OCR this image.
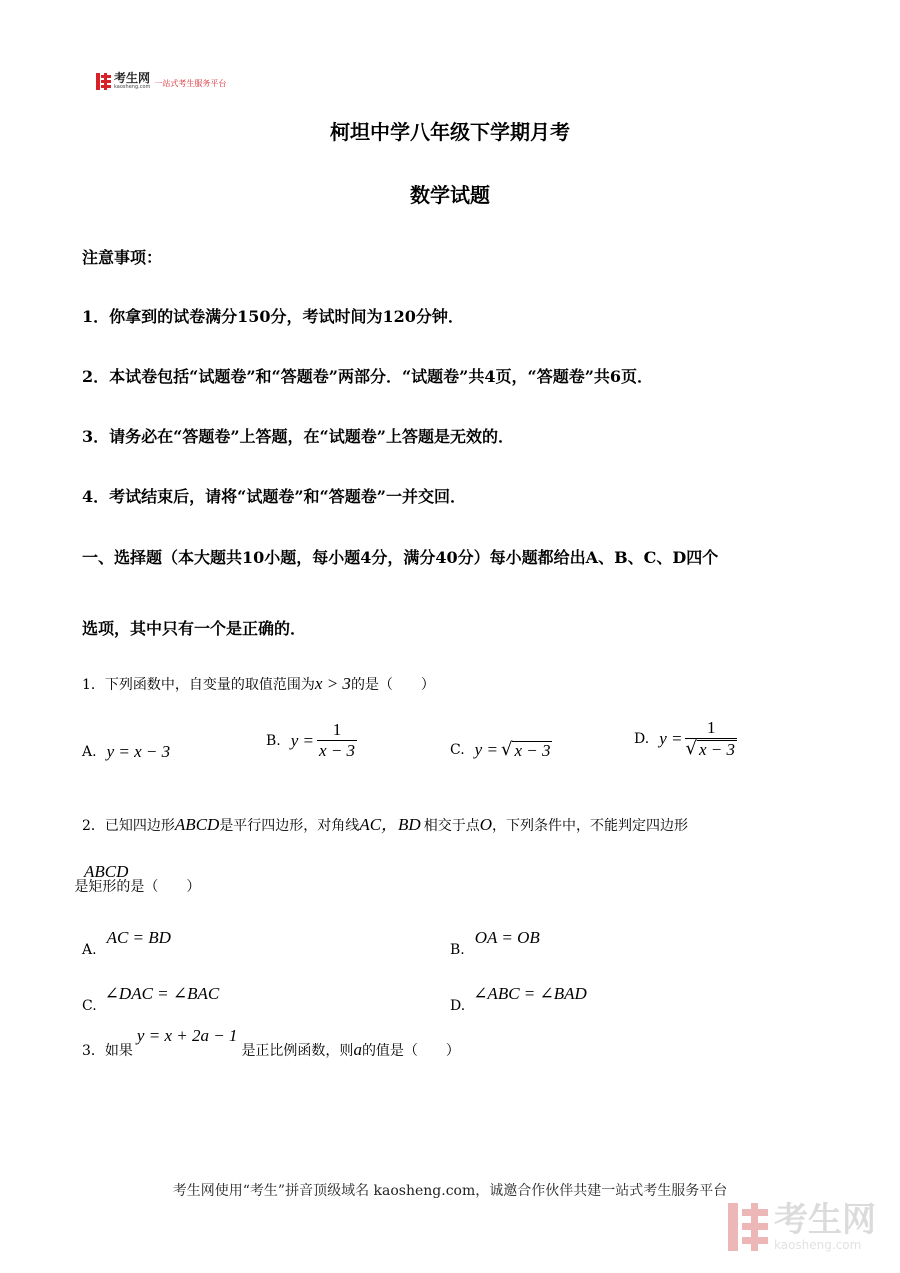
考生网
kaosheng.com 一站式考生服务平台
柯坦中学八年级下学期月考
数学试题
注意事项：
1．你拿到的试卷满分150分，考试时间为120分钟．
2．本试卷包括“试题卷”和“答题卷”两部分．“试题卷”共4页，“答题卷”共6页．
3．请务必在“答题卷”上答题，在“试题卷”上答题是无效的．
4．考试结束后，请将“试题卷”和“答题卷”一并交回．
一、选择题（本大题共10小题，每小题4分，满分40分）每小题都给出A、B、C、D四个
选项，其中只有一个是正确的．
1．下列函数中，自变量的取值范围为x > 3的是（　　）
A. y = x − 3
B. $y = \frac{1}{x - 3}$	C. y = √ x − 3
D. $y = \frac{1}{√ x - 3}$
2．已知四边形ABCD是平行四边形，对角线AC，BD 相交于点O，下列条件中，不能判定四边形
ABCD是矩形的是（　　）
A.
AC = BD
B.
OA = OB
C.
∠DAC = ∠BAC
D.
∠ABC = ∠BAD
3．如果
y = x + 2a − 1
是正比例函数，则 a 的值是（　　）
考生网使用“考生”拼音顶级域名 kaosheng.com，诚邀合作伙伴共建一站式考生服务平台
考生网
kaosheng.com
